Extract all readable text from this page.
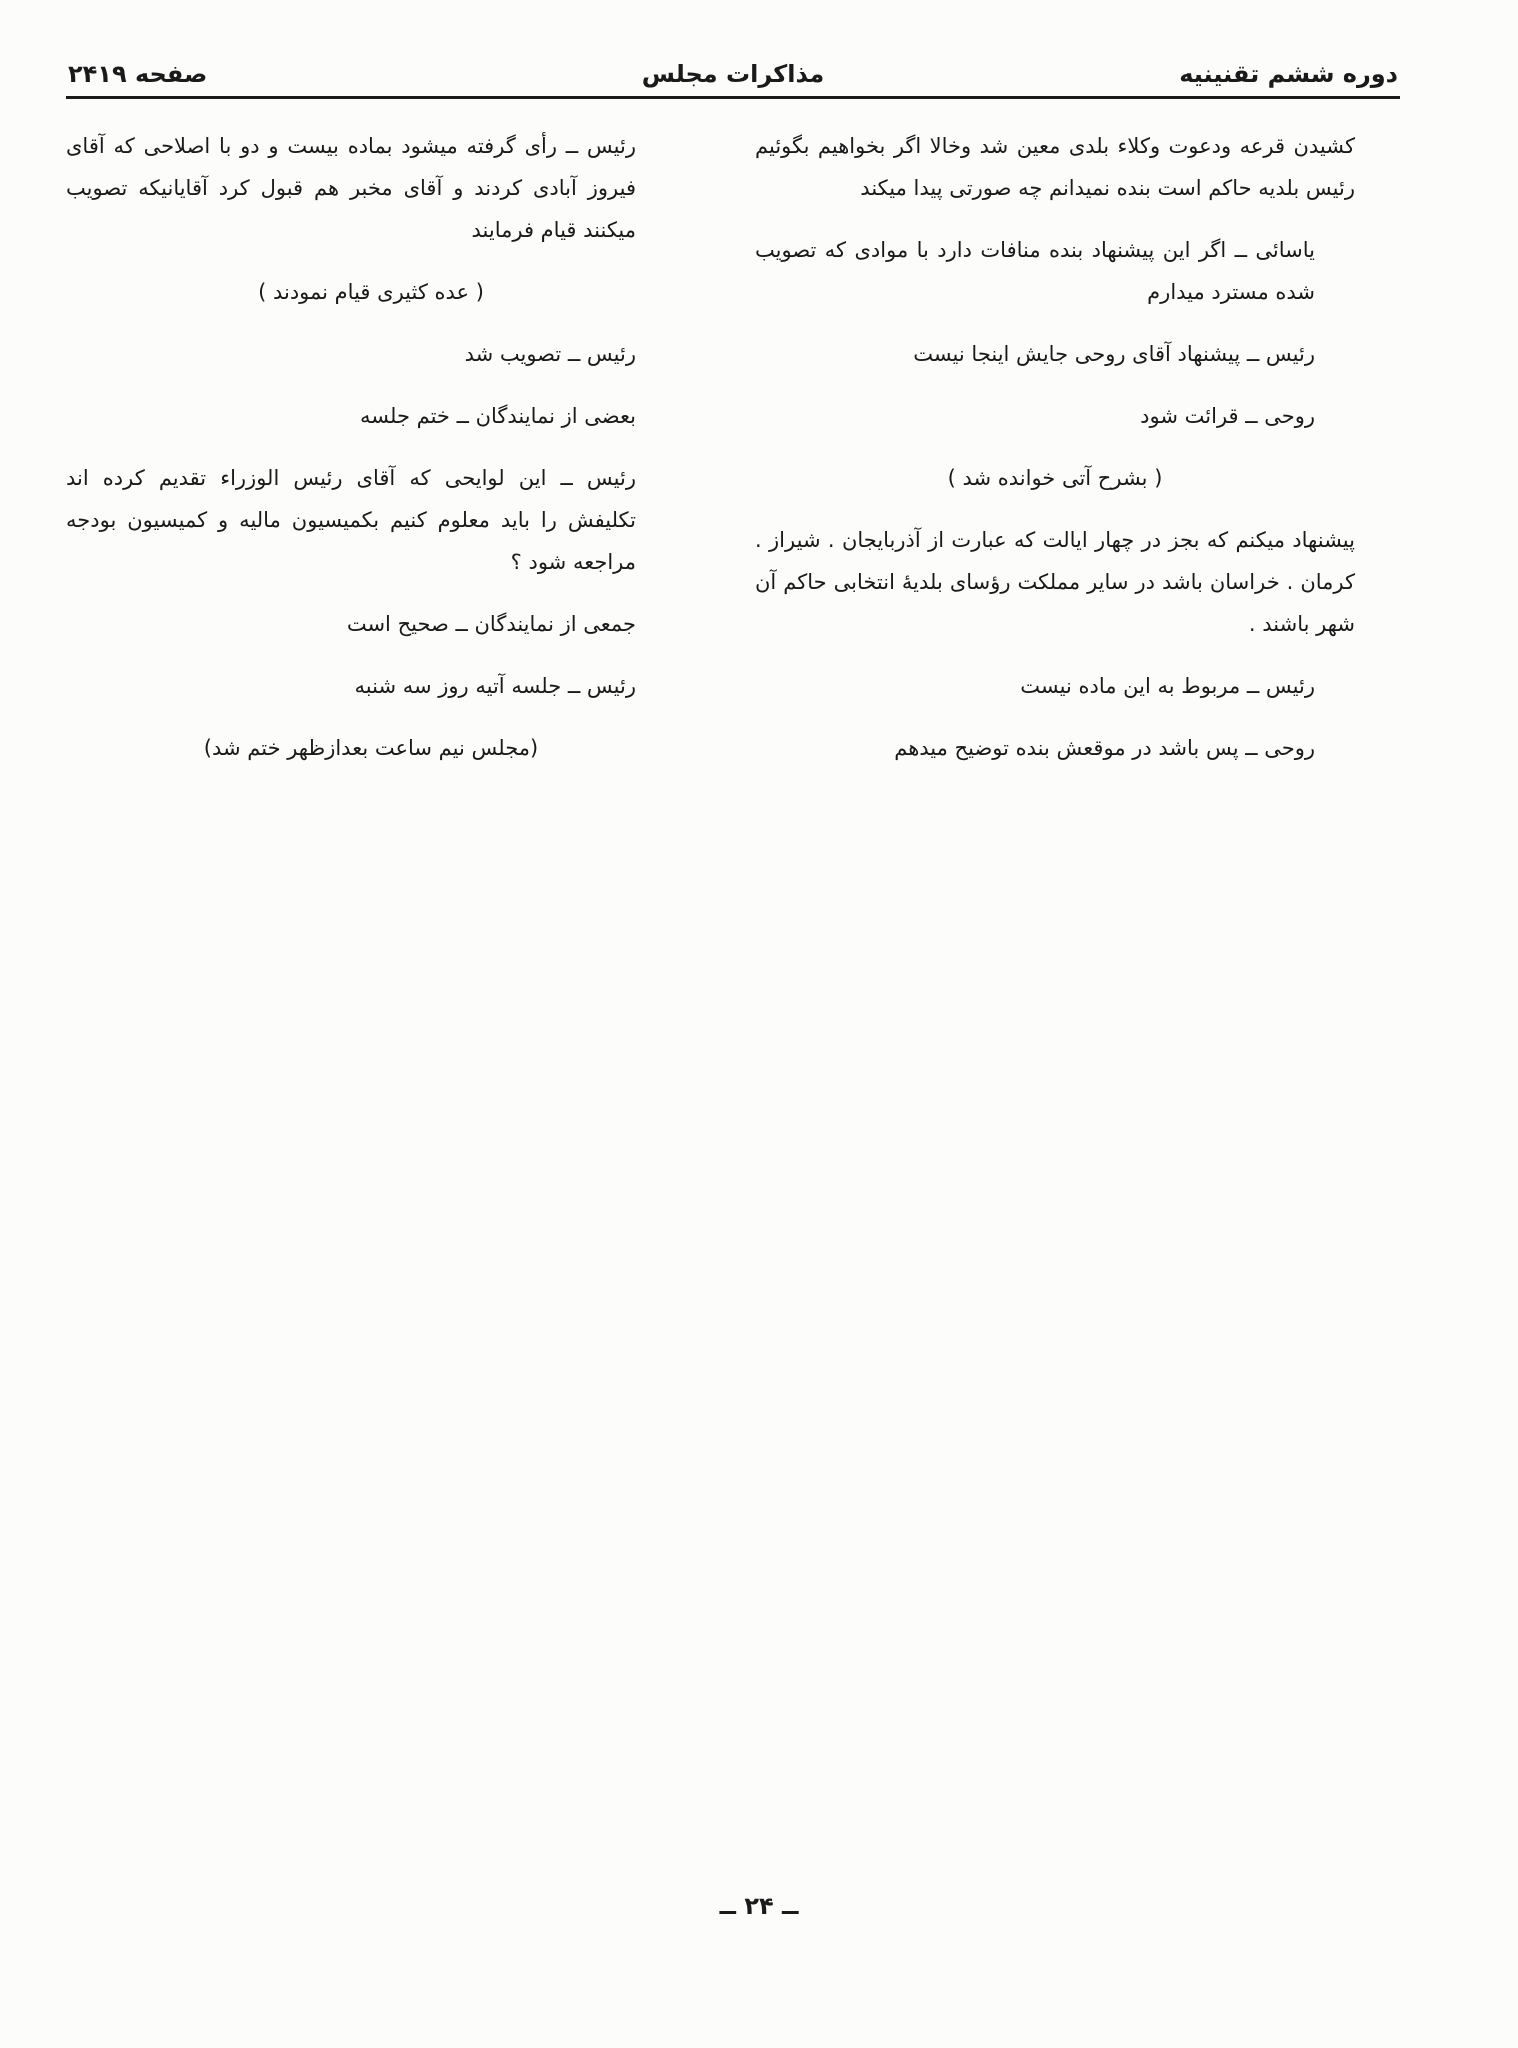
دوره ششم تقنینیه
مذاکرات مجلس
صفحه ۲۴۱۹

کشیدن قرعه ودعوت وکلاء بلدی معین شد وخالا اگر بخواهیم بگوئیم رئیس بلدیه حاکم است بنده نمیدانم چه صورتی پیدا میکند

یاسائی ــ اگر این پیشنهاد بنده منافات دارد با موادی که تصویب شده مسترد میدارم

رئیس ــ پیشنهاد آقای روحی جایش اینجا نیست

روحی ــ قرائت شود

( بشرح آتی خوانده شد )

پیشنهاد میکنم که بجز در چهار ایالت که عبارت از آذربایجان . شیراز . کرمان . خراسان باشد در سایر مملکت رؤسای بلدیهٔ انتخابی حاکم آن شهر باشند .

رئیس ــ مربوط به این ماده نیست

روحی ــ پس باشد در موقعش بنده توضیح میدهم

رئیس ــ رأی گرفته میشود بماده بیست و دو با اصلاحی که آقای فیروز آبادی کردند و آقای مخبر هم قبول کرد آقایانیکه تصویب میکنند قیام فرمایند

( عده کثیری قیام نمودند )

رئیس ــ تصویب شد

بعضی از نمایندگان ــ ختم جلسه

رئیس ــ این لوایحی که آقای رئیس الوزراء تقدیم کرده اند تکلیفش را باید معلوم کنیم بکمیسیون مالیه و کمیسیون بودجه مراجعه شود ؟

جمعی از نمایندگان ــ صحیح است

رئیس ــ جلسه آتیه روز سه شنبه

(مجلس نیم ساعت بعدازظهر ختم شد)

ــ ۲۴ ــ
